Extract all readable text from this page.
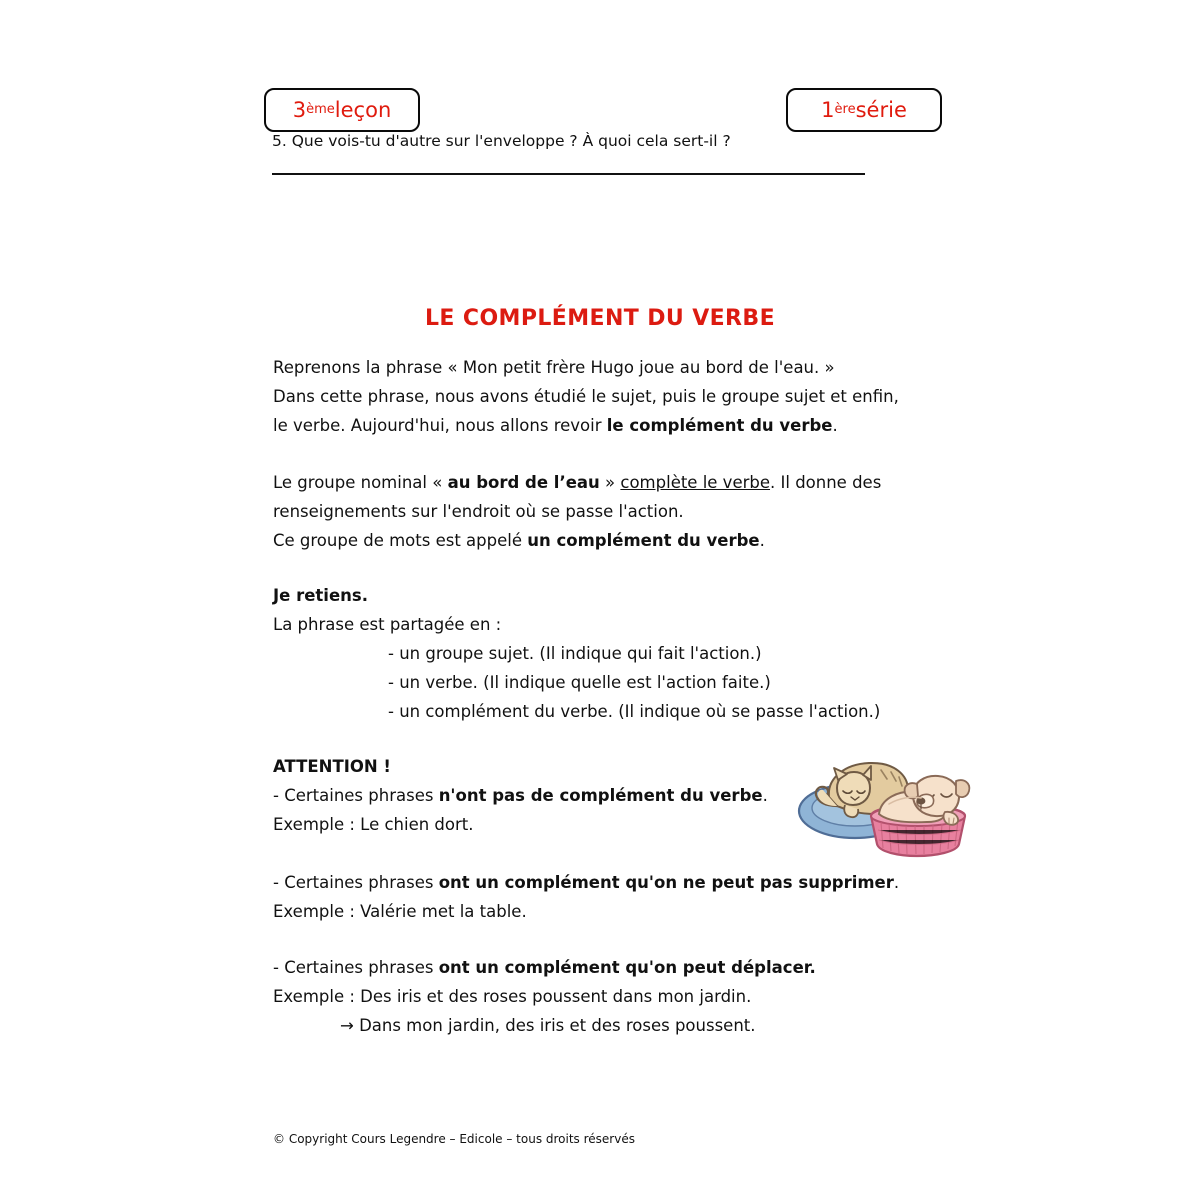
3 ème leçon	1 ère série
5. Que vois-tu d'autre sur l'enveloppe ? À quoi cela sert-il ?
LE COMPLÉMENT DU VERBE

Reprenons la phrase « Mon petit frère Hugo joue au bord de l'eau. »

Dans cette phrase, nous avons étudié le sujet, puis le groupe sujet et enfin,

le verbe. Aujourd'hui, nous allons revoir le complément du verbe.

Le groupe nominal « au bord de l’eau » complète le verbe. Il donne des

renseignements sur l'endroit où se passe l'action.

Ce groupe de mots est appelé un complément du verbe.

Je retiens.

La phrase est partagée en :

- un groupe sujet. (Il indique qui fait l'action.)

- un verbe. (Il indique quelle est l'action faite.)

- un complément du verbe. (Il indique où se passe l'action.)

ATTENTION !

- Certaines phrases n'ont pas de complément du verbe.

Exemple : Le chien dort.

- Certaines phrases ont un complément qu'on ne peut pas supprimer.

Exemple : Valérie met la table.

- Certaines phrases ont un complément qu'on peut déplacer.

Exemple : Des iris et des roses poussent dans mon jardin.

→ Dans mon jardin, des iris et des roses poussent.
© Copyright Cours Legendre – Edicole – tous droits réservés
